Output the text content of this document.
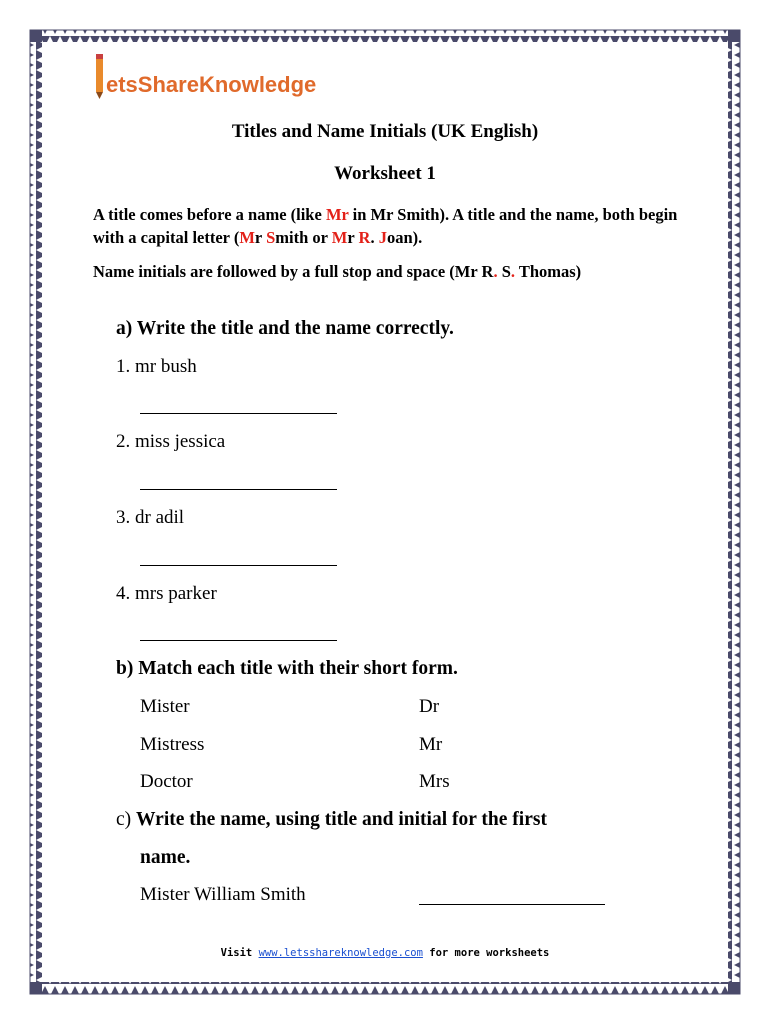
etsShareKnowledge
Titles and Name Initials (UK English)
Worksheet 1
A title comes before a name (like Mr in Mr Smith). A title and the name, both begin with a capital letter (Mr Smith or Mr R. Joan).
Name initials are followed by a full stop and space (Mr R. S. Thomas)
a) Write the title and the name correctly.
1. mr bush
2. miss jessica
3. dr adil
4. mrs parker
b) Match each title with their short form.
Mister
Mistress
Doctor
Dr
Mr
Mrs
c) Write the name, using title and initial for the first
name.
Mister William Smith
Visit www.letsshareknowledge.com for more worksheets
